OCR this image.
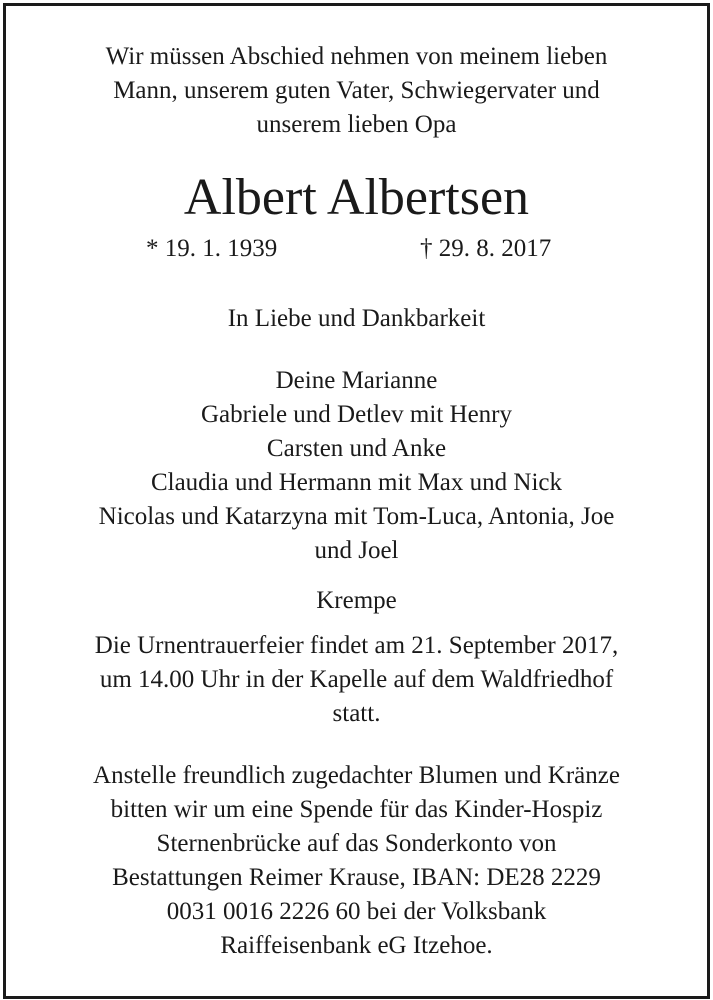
Wir müssen Abschied nehmen von meinem lieben
Mann, unserem guten Vater, Schwiegervater und
unserem lieben Opa
Albert Albertsen
* 19. 1. 1939	† 29. 8. 2017
In Liebe und Dankbarkeit
Deine Marianne
Gabriele und Detlev mit Henry
Carsten und Anke
Claudia und Hermann mit Max und Nick
Nicolas und Katarzyna mit Tom-Luca, Antonia, Joe
und Joel
Krempe
Die Urnentrauerfeier findet am 21. September 2017,
um 14.00 Uhr in der Kapelle auf dem Waldfriedhof
statt.
Anstelle freundlich zugedachter Blumen und Kränze
bitten wir um eine Spende für das Kinder-Hospiz
Sternenbrücke auf das Sonderkonto von
Bestattungen Reimer Krause, IBAN: DE28 2229
0031 0016 2226 60 bei der Volksbank
Raiffeisenbank eG Itzehoe.
